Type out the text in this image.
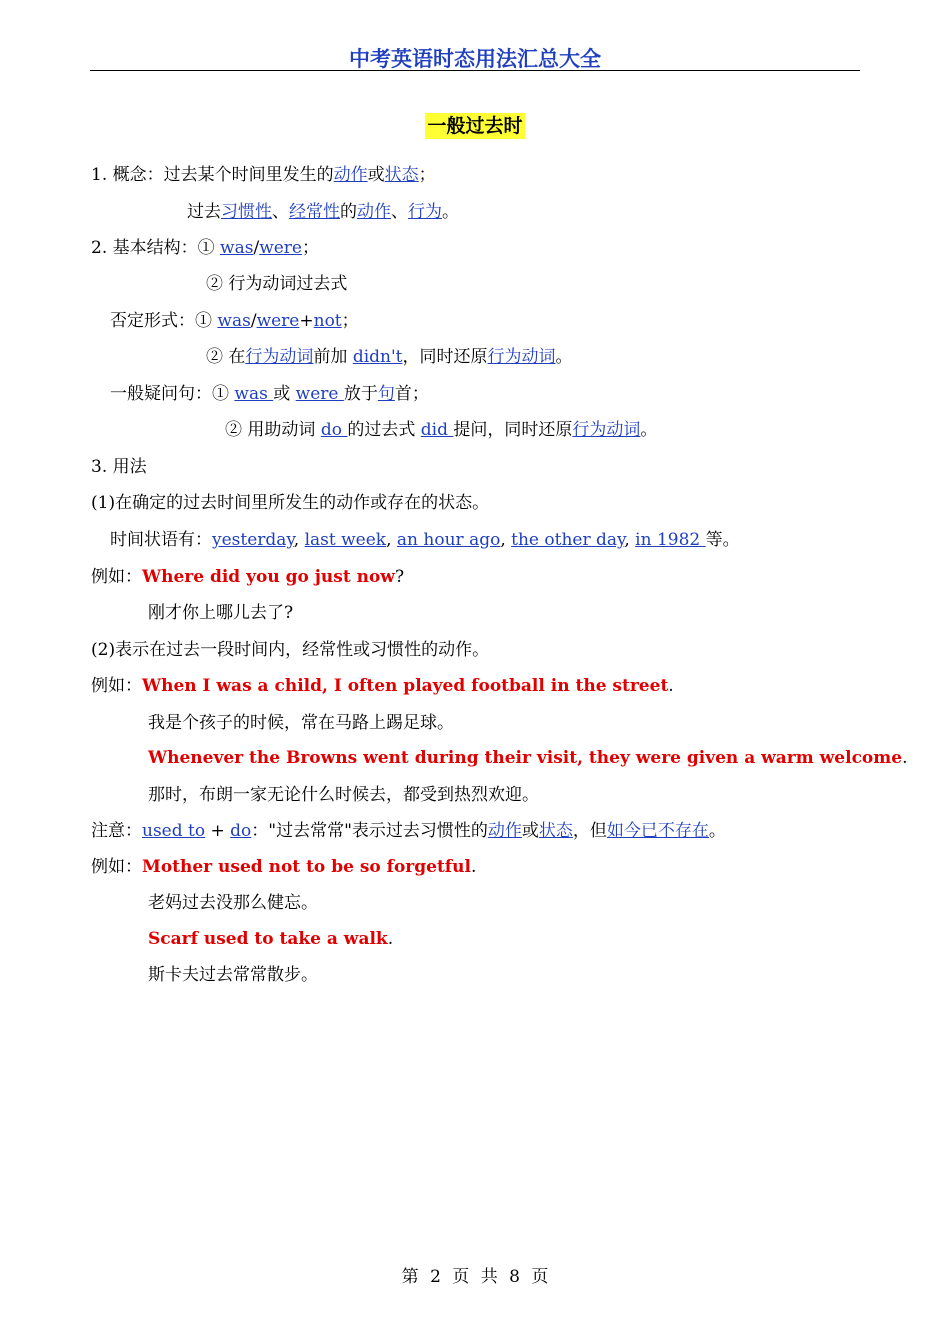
中考英语时态用法汇总大全
一般过去时
1. 概念：过去某个时间里发生的动作或状态；
过去习惯性、经常性的动作、行为。
2. 基本结构：① was/were；
② 行为动词过去式
否定形式：① was/were+not；
② 在行为动词前加 didn't，同时还原行为动词。
一般疑问句：① was 或 were 放于句首；
② 用助动词 do 的过去式 did 提问，同时还原行为动词。
3. 用法
(1)在确定的过去时间里所发生的动作或存在的状态。
时间状语有：yesterday, last week, an hour ago, the other day, in 1982 等。
例如：Where did you go just now?
刚才你上哪儿去了?
(2)表示在过去一段时间内，经常性或习惯性的动作。
例如：When I was a child, I often played football in the street.
我是个孩子的时候，常在马路上踢足球。
Whenever the Browns went during their visit, they were given a warm welcome.
那时，布朗一家无论什么时候去，都受到热烈欢迎。
注意：used to + do："过去常常"表示过去习惯性的动作或状态，但如今已不存在。
例如：Mother used not to be so forgetful.
老妈过去没那么健忘。
Scarf used to take a walk.
斯卡夫过去常常散步。
第 2 页 共 8 页
